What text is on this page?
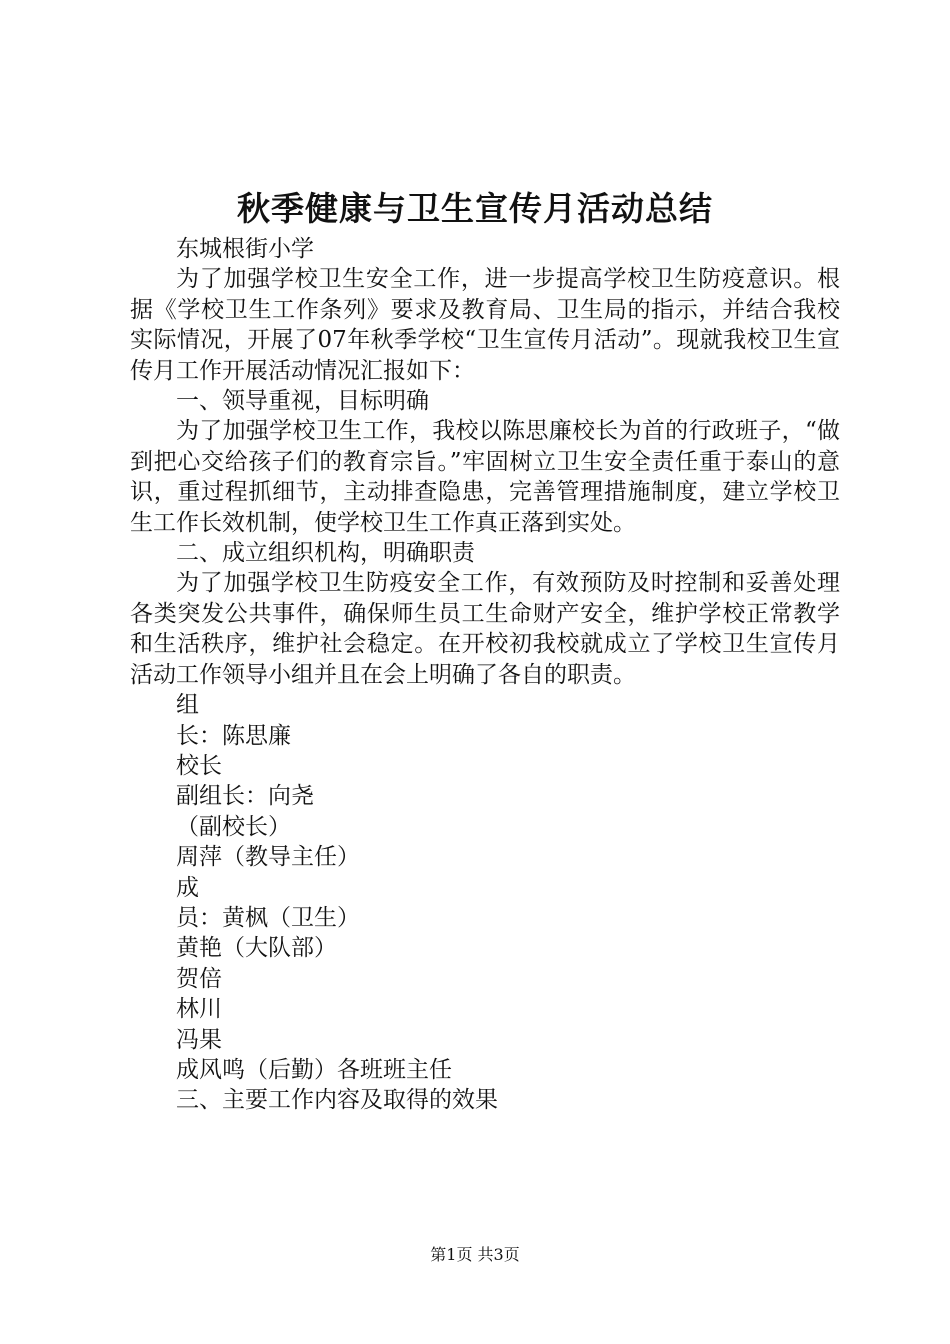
秋季健康与卫生宣传月活动总结

东城根街小学

为了加强学校卫生安全工作，进一步提高学校卫生防疫意识。根据《学校卫生工作条列》要求及教育局、卫生局的指示，并结合我校实际情况，开展了07年秋季学校“卫生宣传月活动”。现就我校卫生宣传月工作开展活动情况汇报如下：

一、领导重视，目标明确

为了加强学校卫生工作，我校以陈思廉校长为首的行政班子，“做到把心交给孩子们的教育宗旨。”牢固树立卫生安全责任重于泰山的意识，重过程抓细节，主动排查隐患，完善管理措施制度，建立学校卫生工作长效机制，使学校卫生工作真正落到实处。

二、成立组织机构，明确职责

为了加强学校卫生防疫安全工作，有效预防及时控制和妥善处理各类突发公共事件，确保师生员工生命财产安全，维护学校正常教学和生活秩序，维护社会稳定。在开校初我校就成立了学校卫生宣传月活动工作领导小组并且在会上明确了各自的职责。

组

长：陈思廉

校长

副组长：向尧

（副校长）

周萍（教导主任）

成

员：黄枫（卫生）

黄艳（大队部）

贺倍

林川

冯果

成风鸣（后勤）各班班主任

三、主要工作内容及取得的效果

第1页 共3页
